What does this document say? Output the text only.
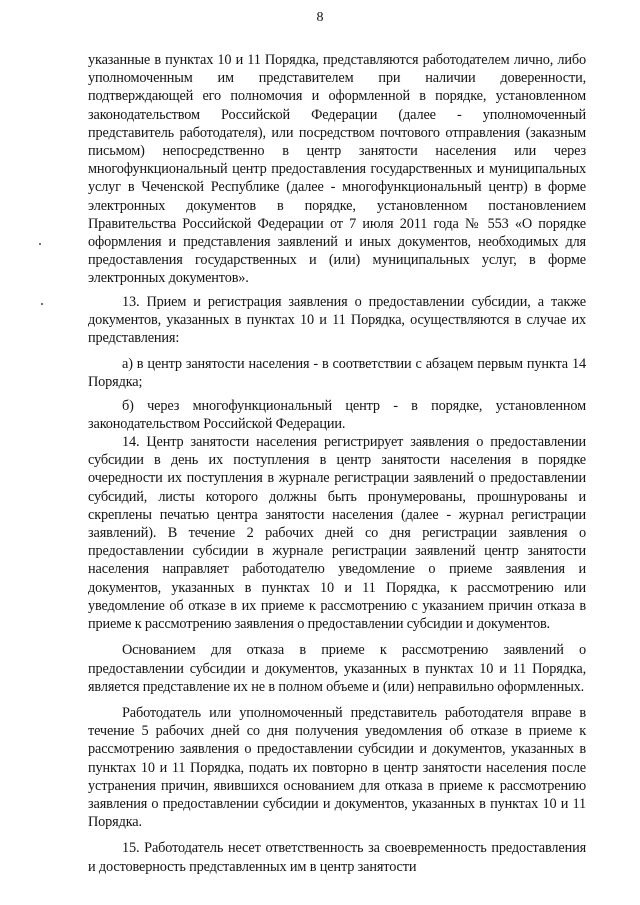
8

указанные в пунктах 10 и 11 Порядка, представляются работодателем лично, либо уполномоченным им представителем при наличии доверенности, подтверждающей его полномочия и оформленной в порядке, установленном законодательством Российской Федерации (далее - уполномоченный представитель работодателя), или посредством почтового отправления (заказным письмом) непосредственно в центр занятости населения или через многофункциональный центр предоставления государственных и муниципальных услуг в Чеченской Республике (далее - многофункциональный центр) в форме электронных документов в порядке, установленном постановлением Правительства Российской Федерации от 7 июля 2011 года № 553 «О порядке оформления и представления заявлений и иных документов, необходимых для предоставления государственных и (или) муниципальных услуг, в форме электронных документов».

13. Прием и регистрация заявления о предоставлении субсидии, а также документов, указанных в пунктах 10 и 11 Порядка, осуществляются в случае их представления:

а) в центр занятости населения - в соответствии с абзацем первым пункта 14 Порядка;

б) через многофункциональный центр - в порядке, установленном законодательством Российской Федерации.

14. Центр занятости населения регистрирует заявления о предоставлении субсидии в день их поступления в центр занятости населения в порядке очередности их поступления в журнале регистрации заявлений о предоставлении субсидий, листы которого должны быть пронумерованы, прошнурованы и скреплены печатью центра занятости населения (далее - журнал регистрации заявлений). В течение 2 рабочих дней со дня регистрации заявления о предоставлении субсидии в журнале регистрации заявлений центр занятости населения направляет работодателю уведомление о приеме заявления и документов, указанных в пунктах 10 и 11 Порядка, к рассмотрению или уведомление об отказе в их приеме к рассмотрению с указанием причин отказа в приеме к рассмотрению заявления о предоставлении субсидии и документов.

Основанием для отказа в приеме к рассмотрению заявлений о предоставлении субсидии и документов, указанных в пунктах 10 и 11 Порядка, является представление их не в полном объеме и (или) неправильно оформленных.

Работодатель или уполномоченный представитель работодателя вправе в течение 5 рабочих дней со дня получения уведомления об отказе в приеме к рассмотрению заявления о предоставлении субсидии и документов, указанных в пунктах 10 и 11 Порядка, подать их повторно в центр занятости населения после устранения причин, явившихся основанием для отказа в приеме к рассмотрению заявления о предоставлении субсидии и документов, указанных в пунктах 10 и 11 Порядка.

15. Работодатель несет ответственность за своевременность предоставления и достоверность представленных им в центр занятости
